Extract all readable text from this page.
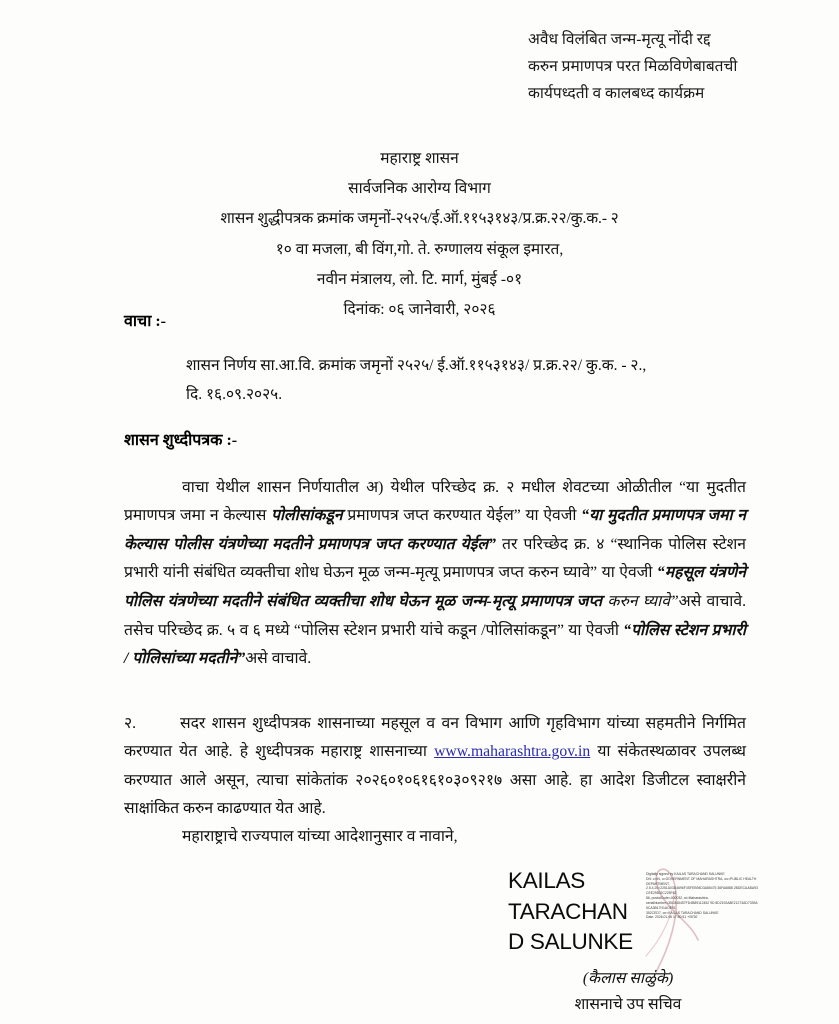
अवैध विलंबित जन्म-मृत्यू नोंदी रद्द
करुन प्रमाणपत्र परत मिळविणेबाबतची
कार्यपध्दती व कालबध्द कार्यक्रम
महाराष्ट्र शासन
सार्वजनिक आरोग्य विभाग
शासन शुद्धीपत्रक क्रमांक जमृनों-२५२५/ई.ऑ.११५३१४३/प्र.क्र.२२/कु.क.- २
१० वा मजला, बी विंग,गो. ते. रुग्णालय संकूल इमारत,
नवीन मंत्रालय, लो. टि. मार्ग, मुंबई -०१
दिनांक: ०६ जानेवारी, २०२६
वाचा :-
शासन निर्णय सा.आ.वि. क्रमांक जमृनों २५२५/ ई.ऑ.११५३१४३/ प्र.क्र.२२/ कु.क. - २.,
दि. १६.०९.२०२५.
शासन शुध्दीपत्रक :-

वाचा येथील शासन निर्णयातील अ) येथील परिच्छेद क्र. २ मधील शेवटच्या ओळीतील “या मुदतीत प्रमाणपत्र जमा न केल्यास पोलीसांकडून प्रमाणपत्र जप्त करण्यात येईल” या ऐवजी “या मुदतीत प्रमाणपत्र जमा न केल्यास पोलीस यंत्रणेच्या मदतीने प्रमाणपत्र जप्त करण्यात येईल” तर परिच्छेद क्र. ४ “स्थानिक पोलिस स्टेशन प्रभारी यांनी संबंधित व्यक्तीचा शोध घेऊन मूळ जन्म-मृत्यू प्रमाणपत्र जप्त करुन घ्यावे” या ऐवजी “महसूल यंत्रणेने पोलिस यंत्रणेच्या मदतीने संबंधित व्यक्तीचा शोध घेऊन मूळ जन्म-मृत्यू प्रमाणपत्र जप्त करुन घ्यावे”असे वाचावे. तसेच परिच्छेद क्र. ५ व ६ मध्ये “पोलिस स्टेशन प्रभारी यांचे कडून /पोलिसांकडून” या ऐवजी “पोलिस स्टेशन प्रभारी / पोलिसांच्या मदतीने”असे वाचावे.

२.	सदर शासन शुध्दीपत्रक शासनाच्या महसूल व वन विभाग आणि गृहविभाग यांच्या सहमतीने निर्गमित करण्यात येत आहे. हे शुध्दीपत्रक महाराष्ट्र शासनाच्या www.maharashtra.gov.in या संकेतस्थळावर उपलब्ध करण्यात आले असून, त्याचा सांकेतांक २०२६०१०६१६१०३०९२१७ असा आहे. हा आदेश डिजीटल स्वाक्षरीने साक्षांकित करुन काढण्यात येत आहे.

महाराष्ट्राचे राज्यपाल यांच्या आदेशानुसार व नावाने,
KAILAS
TARACHAN
D SALUNKE
Digitally signed by KAILAS TARACHAND SALUNKE
DN: c=IN, o=GOVERNMENT OF MAHARASHTRA, ou=PUBLIC HEALTH DEPARTMENT,
2.5.4.20=2251A03D4696F3SFEB94D3A85475 36FA6888 2BDECAABA93CEE29502C225F62
86, postalCode=400032, st=Maharashtra,
serialNumber=35C845457FD4B89112452 9D 8D2192A8E21273AD7339A5CA3B17H1AOE91
352CED7, cn=KAILAS TARACHAND SALUNKE
Date: 2026.01.06 17:50:51 +05'30'
(कैलास साळुंके)
शासनाचे उप सचिव
